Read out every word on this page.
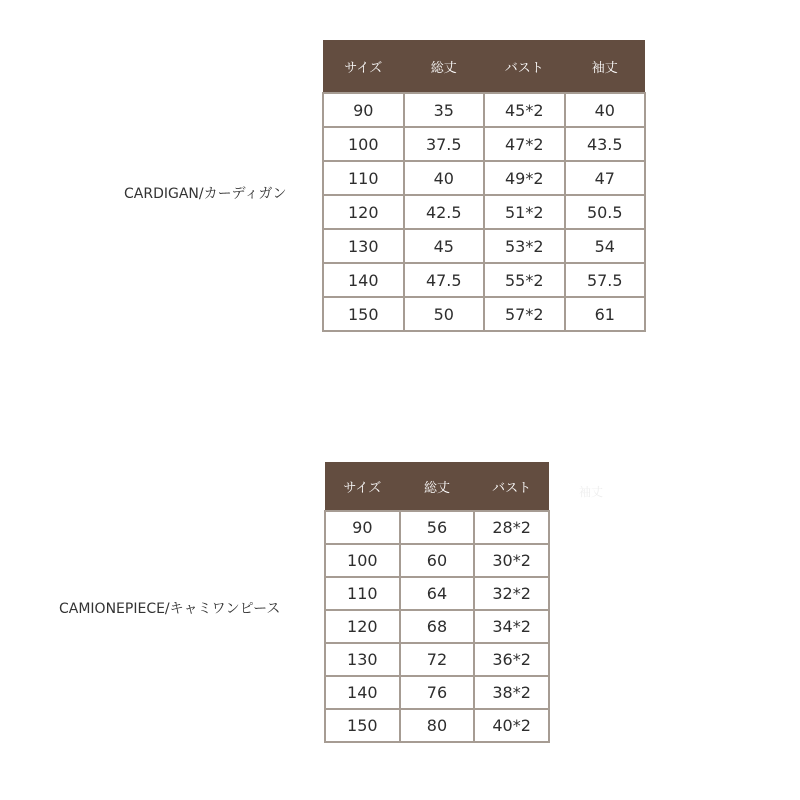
CARDIGAN/カーディガン
サイズ	総丈	バスト	袖丈
90	35	45*2	40
100	37.5	47*2	43.5
110	40	49*2	47
120	42.5	51*2	50.5
130	45	53*2	54
140	47.5	55*2	57.5
150	50	57*2	61
CAMIONEPIECE/キャミワンピース
サイズ	総丈	バスト
90	56	28*2
100	60	30*2
110	64	32*2
120	68	34*2
130	72	36*2
140	76	38*2
150	80	40*2
袖丈
